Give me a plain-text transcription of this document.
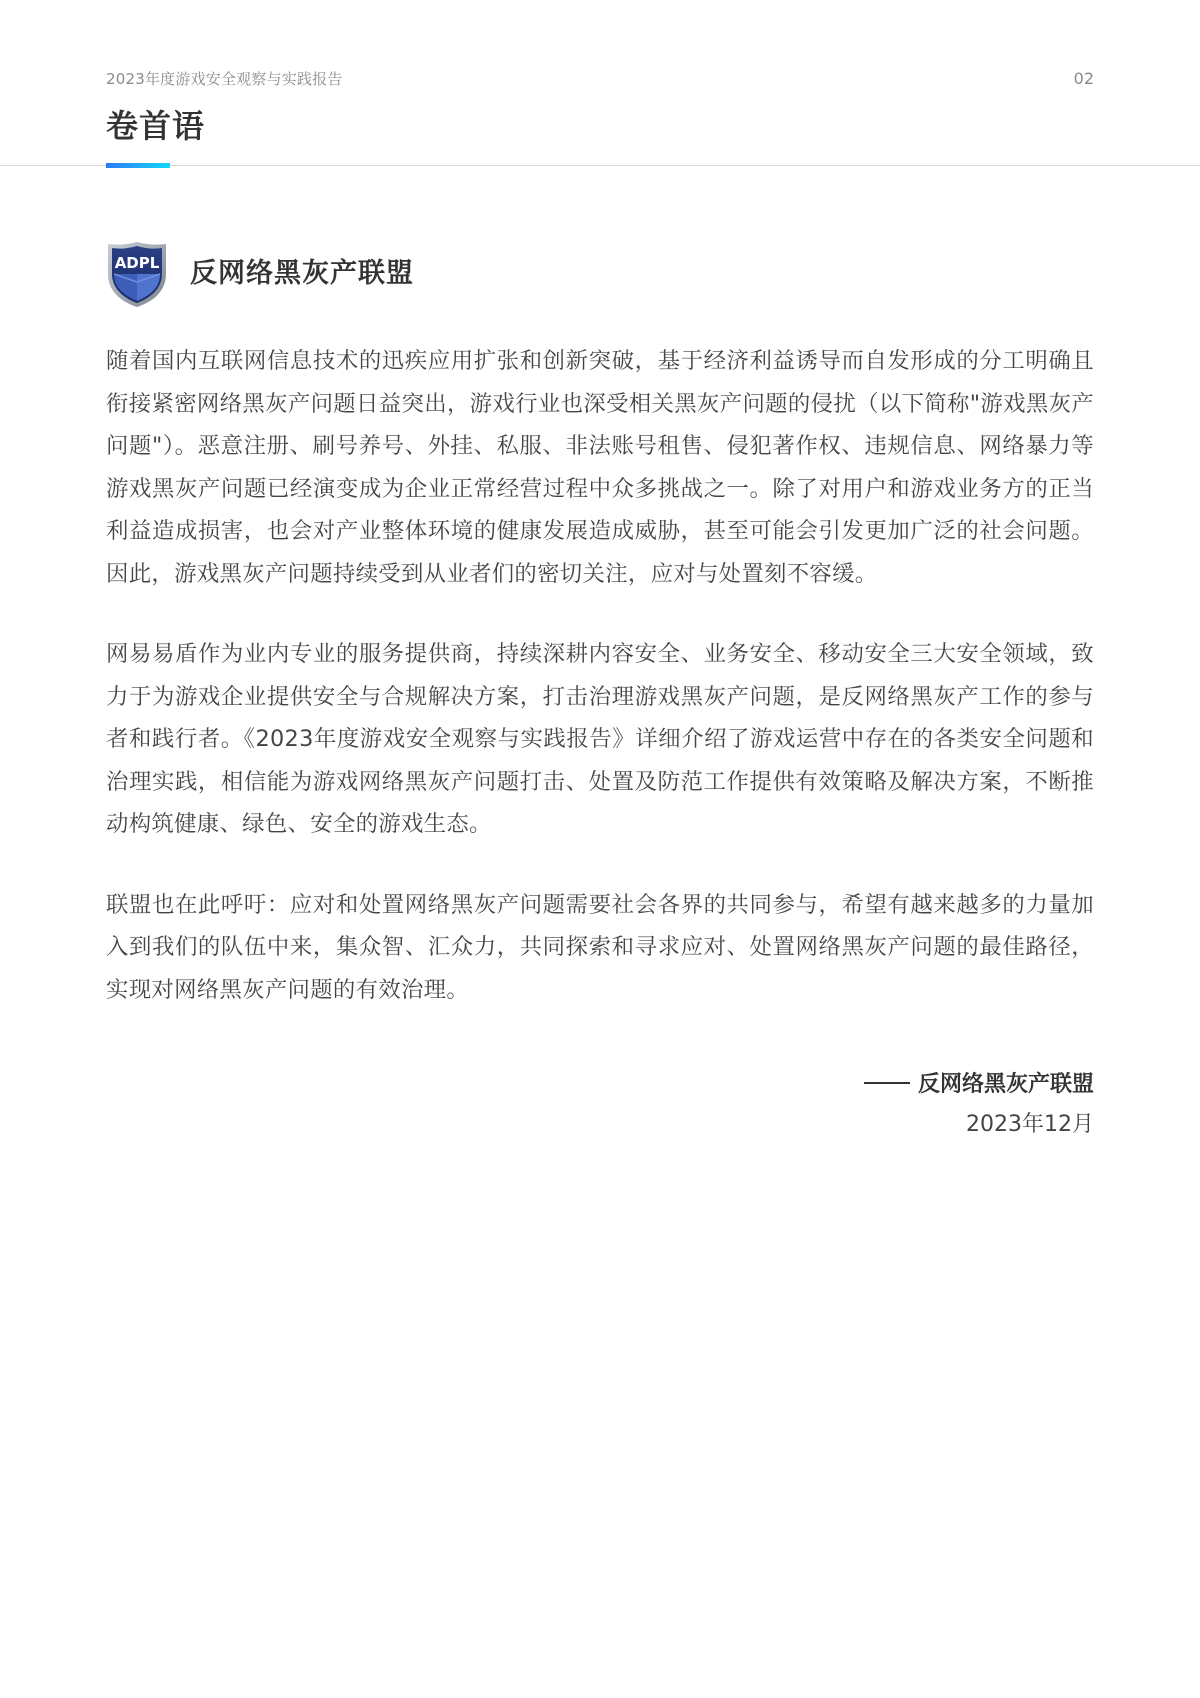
2023年度游戏安全观察与实践报告	02
卷首语
ADPL 反网络黑灰产联盟

随着国内互联网信息技术的迅疾应用扩张和创新突破，基于经济利益诱导而自发形成的分工明确且衔接紧密网络黑灰产问题日益突出，游戏行业也深受相关黑灰产问题的侵扰（以下简称"游戏黑灰产问题"）。恶意注册、刷号养号、外挂、私服、非法账号租售、侵犯著作权、违规信息、网络暴力等游戏黑灰产问题已经演变成为企业正常经营过程中众多挑战之一。除了对用户和游戏业务方的正当利益造成损害，也会对产业整体环境的健康发展造成威胁，甚至可能会引发更加广泛的社会问题。因此，游戏黑灰产问题持续受到从业者们的密切关注，应对与处置刻不容缓。

网易易盾作为业内专业的服务提供商，持续深耕内容安全、业务安全、移动安全三大安全领域，致力于为游戏企业提供安全与合规解决方案，打击治理游戏黑灰产问题，是反网络黑灰产工作的参与者和践行者。《2023年度游戏安全观察与实践报告》详细介绍了游戏运营中存在的各类安全问题和治理实践，相信能为游戏网络黑灰产问题打击、处置及防范工作提供有效策略及解决方案，不断推动构筑健康、绿色、安全的游戏生态。

联盟也在此呼吁：应对和处置网络黑灰产问题需要社会各界的共同参与，希望有越来越多的力量加入到我们的队伍中来，集众智、汇众力，共同探索和寻求应对、处置网络黑灰产问题的最佳路径，实现对网络黑灰产问题的有效治理。

反网络黑灰产联盟
2023年12月
